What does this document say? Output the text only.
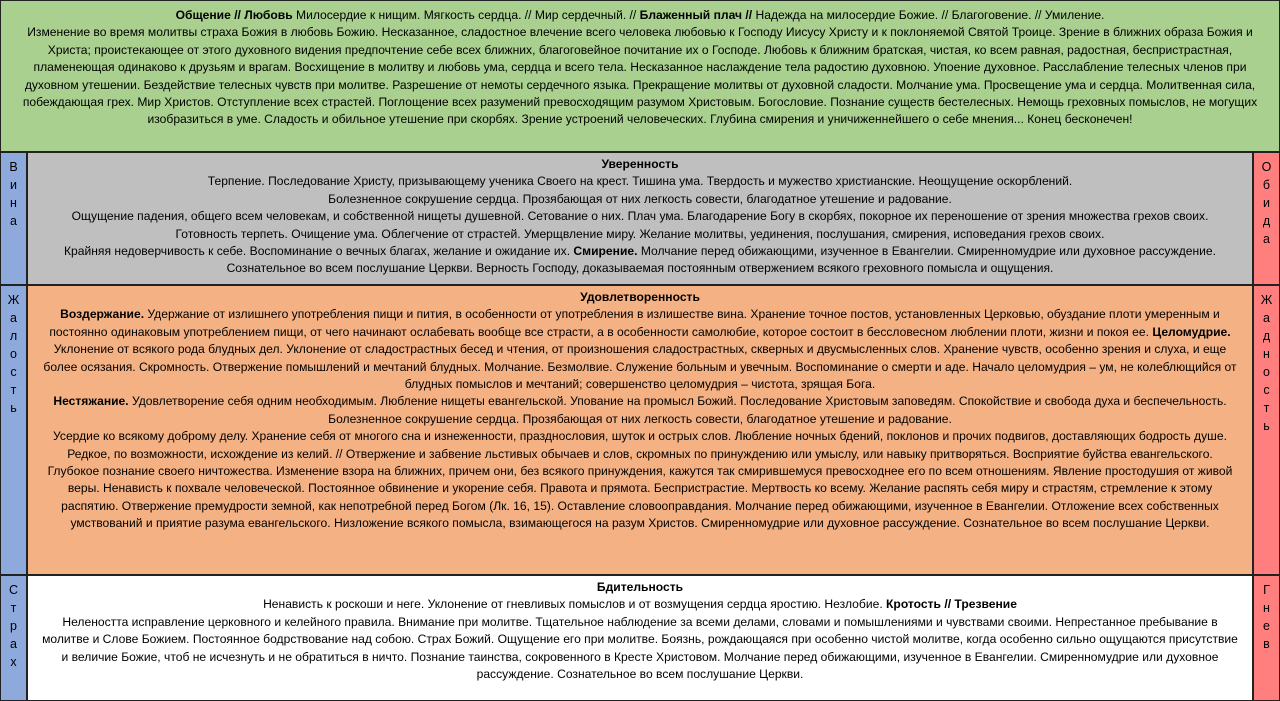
Общение // Любовь Милосердие к нищим. Мягкость сердца. // Мир сердечный. // Блаженный плач // Надежда на милосердие Божие. // Благоговение. // Умиление.

Изменение во время молитвы страха Божия в любовь Божию. Несказанное, сладостное влечение всего человека любовью к Господу Иисусу Христу и к поклоняемой Святой Троице. Зрение в ближних образа Божия и Христа; проистекающее от этого духовного видения предпочтение себе всех ближних, благоговейное почитание их о Господе. Любовь к ближним братская, чистая, ко всем равная, радостная, беспристрастная, пламенеющая одинаково к друзьям и врагам. Восхищение в молитву и любовь ума, сердца и всего тела. Несказанное наслаждение тела радостию духовною. Упоение духовное. Расслабление телесных членов при духовном утешении. Бездействие телесных чувств при молитве. Разрешение от немоты сердечного языка. Прекращение молитвы от духовной сладости. Молчание ума. Просвещение ума и сердца. Молитвенная сила, побеждающая грех. Мир Христов. Отступление всех страстей. Поглощение всех разумений превосходящим разумом Христовым. Богословие. Познание существ бестелесных. Немощь греховных помыслов, не могущих изобразиться в уме. Сладость и обильное утешение при скорбях. Зрение устроений человеческих. Глубина смирения и уничиженнейшего о себе мнения... Конец бесконечен!

В
и
н
а
Уверенность

Терпение. Последование Христу, призывающему ученика Своего на крест. Тишина ума. Твердость и мужество христианские. Неощущение оскорблений.

Болезненное сокрушение сердца. Прозябающая от них легкость совести, благодатное утешение и радование.

Ощущение падения, общего всем человекам, и собственной нищеты душевной. Сетование о них. Плач ума. Благодарение Богу в скорбях, покорное их переношение от зрения множества грехов своих. Готовность терпеть. Очищение ума. Облегчение от страстей. Умерщвление миру. Желание молитвы, уединения, послушания, смирения, исповедания грехов своих.

Крайняя недоверчивость к себе. Воспоминание о вечных благах, желание и ожидание их. Смирение. Молчание перед обижающими, изученное в Евангелии. Смиренномудрие или духовное рассуждение. Сознательное во всем послушание Церкви. Верность Господу, доказываемая постоянным отвержением всякого греховного помысла и ощущения.

О
б
и
д
а
Ж
а
л
о
с
т
ь
Удовлетворенность

Воздержание. Удержание от излишнего употребления пищи и пития, в особенности от употребления в излишестве вина. Хранение точное постов, установленных Церковью, обуздание плоти умеренным и постоянно одинаковым употреблением пищи, от чего начинают ослабевать вообще все страсти, а в особенности самолюбие, которое состоит в бессловесном люблении плоти, жизни и покоя ее. Целомудрие. Уклонение от всякого рода блудных дел. Уклонение от сладострастных бесед и чтения, от произношения сладострастных, скверных и двусмысленных слов. Хранение чувств, особенно зрения и слуха, и еще более осязания. Скромность. Отвержение помышлений и мечтаний блудных. Молчание. Безмолвие. Служение больным и увечным. Воспоминание о смерти и аде. Начало целомудрия – ум, не колеблющийся от блудных помыслов и мечтаний; совершенство целомудрия – чистота, зрящая Бога.

Нестяжание. Удовлетворение себя одним необходимым. Люблениe нищеты евангельской. Упование на промысл Божий. Последование Христовым заповедям. Спокойствие и свобода духа и беспечельность. Болезненное сокрушение сердца. Прозябающая от них легкость совести, благодатное утешение и радование.

Усердие ко всякому доброму делу. Хранение себя от многого сна и изнеженности, празднословия, шуток и острых слов. Любление ночных бдений, поклонов и прочих подвигов, доставляющих бодрость душе. Редкое, по возможности, исхождение из келий. // Отвержение и забвение льстивых обычаев и слов, скромных по принуждению или умыслу, или навыку притворяться. Восприятие буйства евангельского.

Глубокое познание своего ничтожества. Изменение взора на ближних, причем они, без всякого принуждения, кажутся так смирившемуся превосходнее его по всем отношениям. Явление простодушия от живой веры. Ненависть к похвале человеческой. Постоянное обвинение и укорение себя. Правота и прямота. Беспристрастие. Мертвость ко всему. Желание распять себя миру и страстям, стремление к этому распятию. Отвержение премудрости земной, как непотребной перед Богом (Лк. 16, 15). Оставление словооправдания. Молчание перед обижающими, изученное в Евангелии. Отложение всех собственных умствований и приятие разума евангельского. Низложение всякого помысла, взимающегося на разум Христов. Смиренномудрие или духовное рассуждение. Сознательное во всем послушание Церкви.

Ж
а
д
н
о
с
т
ь
С
т
р
а
х
Бдительность

Ненависть к роскоши и неге. Уклонение от гневливых помыслов и от возмущения сердца яростию. Незлобие. Кротость // Трезвение

Нелеността исправление церковного и келейного правила. Внимание при молитве. Тщательное наблюдение за всеми делами, словами и помышлениями и чувствами своими. Непрестанное пребывание в молитве и Слове Божием. Постоянное бодрствование над собою. Страх Божий. Ощущение его при молитве. Боязнь, рождающаяся при особенно чистой молитве, когда особенно сильно ощущаются присутствие и величие Божие, чтоб не исчезнуть и не обратиться в ничто. Познание таинства, сокровенного в Кресте Христовом. Молчание перед обижающими, изученное в Евангелии. Смиренномудрие или духовное рассуждение. Сознательное во всем послушание Церкви.

Г
н
е
в
